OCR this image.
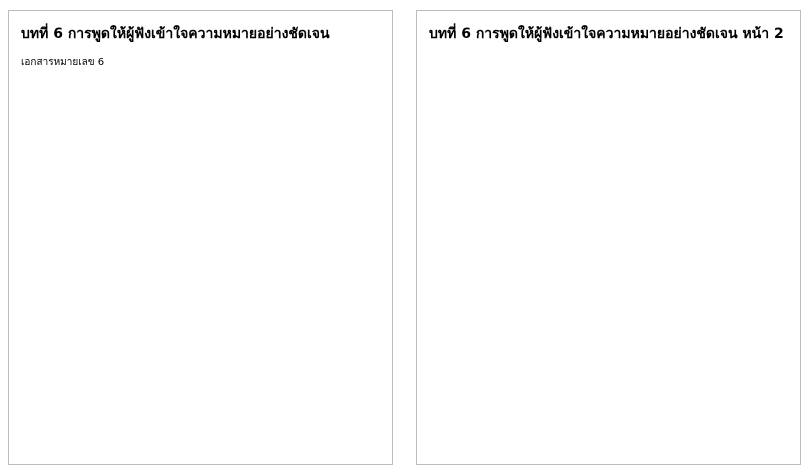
บทที่ 6 การพูดให้ผู้ฟังเข้าใจความหมายอย่างชัดเจน

เอกสารหมายเลข 6

บทที่ 6 การพูดให้ผู้ฟังเข้าใจความหมายอย่างชัดเจน หน้า 2
